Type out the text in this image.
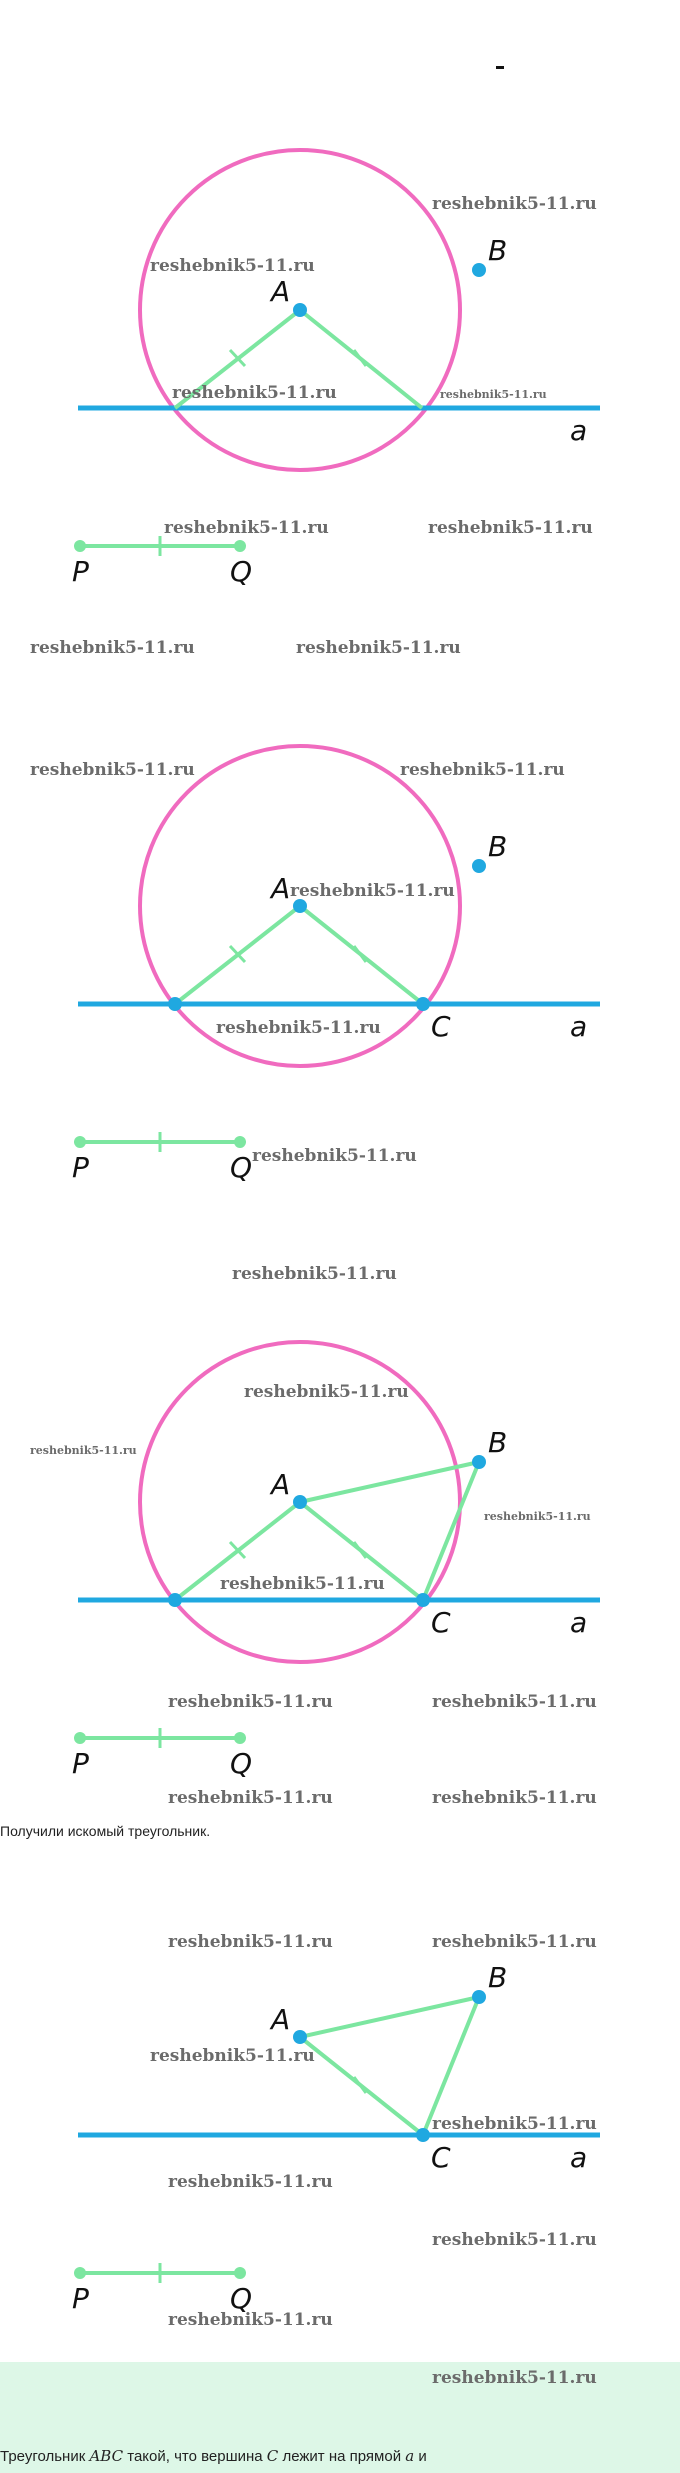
A
B
a
P	Q
reshebnik5-11.ru
reshebnik5-11.ru
reshebnik5-11.ru	reshebnik5-11.ru
reshebnik5-11.ru	reshebnik5-11.ru
reshebnik5-11.ru	reshebnik5-11.ru
A
B
C	a
P	Q
reshebnik5-11.ru	reshebnik5-11.ru
reshebnik5-11.ru
reshebnik5-11.ru
reshebnik5-11.ru
A
B
C	a
P	Q
reshebnik5-11.ru
reshebnik5-11.ru
reshebnik5-11.ru
reshebnik5-11.ru
reshebnik5-11.ru
reshebnik5-11.ru	reshebnik5-11.ru
reshebnik5-11.ru	reshebnik5-11.ru
Получили искомый треугольник.
A
B
C	a
P	Q
reshebnik5-11.ru	reshebnik5-11.ru
reshebnik5-11.ru
reshebnik5-11.ru
reshebnik5-11.ru
reshebnik5-11.ru
reshebnik5-11.ru
reshebnik5-11.ru

Треугольник ABC такой, что вершина C лежит на прямой a и
